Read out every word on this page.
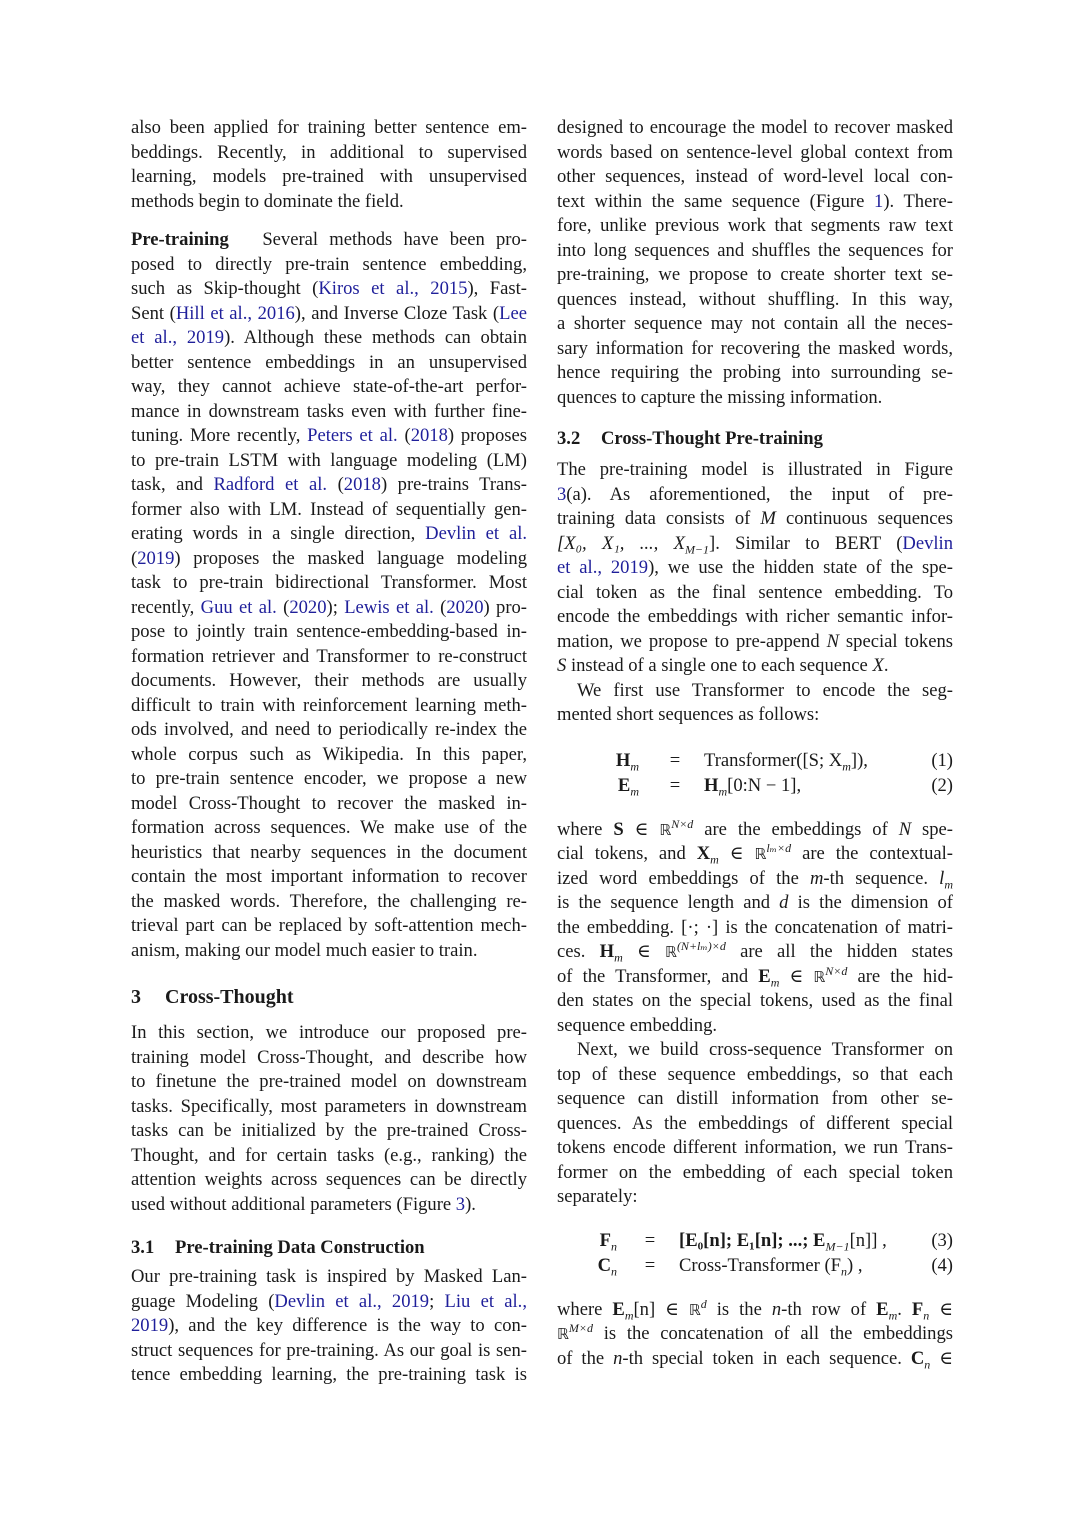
also been applied for training better sentence em-
beddings. Recently, in additional to supervised
learning, models pre-trained with unsupervised
methods begin to dominate the field.
Pre-training Several methods have been pro-
posed to directly pre-train sentence embedding,
such as Skip-thought (Kiros et al., 2015), Fast-
Sent (Hill et al., 2016), and Inverse Cloze Task (Lee
et al., 2019). Although these methods can obtain
better sentence embeddings in an unsupervised
way, they cannot achieve state-of-the-art perfor-
mance in downstream tasks even with further fine-
tuning. More recently, Peters et al. (2018) proposes
to pre-train LSTM with language modeling (LM)
task, and Radford et al. (2018) pre-trains Trans-
former also with LM. Instead of sequentially gen-
erating words in a single direction, Devlin et al.
(2019) proposes the masked language modeling
task to pre-train bidirectional Transformer. Most
recently, Guu et al. (2020); Lewis et al. (2020) pro-
pose to jointly train sentence-embedding-based in-
formation retriever and Transformer to re-construct
documents. However, their methods are usually
difficult to train with reinforcement learning meth-
ods involved, and need to periodically re-index the
whole corpus such as Wikipedia. In this paper,
to pre-train sentence encoder, we propose a new
model Cross-Thought to recover the masked in-
formation across sequences. We make use of the
heuristics that nearby sequences in the document
contain the most important information to recover
the masked words. Therefore, the challenging re-
trieval part can be replaced by soft-attention mech-
anism, making our model much easier to train.
3 Cross-Thought
In this section, we introduce our proposed pre-
training model Cross-Thought, and describe how
to finetune the pre-trained model on downstream
tasks. Specifically, most parameters in downstream
tasks can be initialized by the pre-trained Cross-
Thought, and for certain tasks (e.g., ranking) the
attention weights across sequences can be directly
used without additional parameters (Figure 3).
3.1 Pre-training Data Construction
Our pre-training task is inspired by Masked Lan-
guage Modeling (Devlin et al., 2019; Liu et al.,
2019), and the key difference is the way to con-
struct sequences for pre-training. As our goal is sen-
tence embedding learning, the pre-training task is
designed to encourage the model to recover masked
words based on sentence-level global context from
other sequences, instead of word-level local con-
text within the same sequence (Figure 1). There-
fore, unlike previous work that segments raw text
into long sequences and shuffles the sequences for
pre-training, we propose to create shorter text se-
quences instead, without shuffling. In this way,
a shorter sequence may not contain all the neces-
sary information for recovering the masked words,
hence requiring the probing into surrounding se-
quences to capture the missing information.
3.2 Cross-Thought Pre-training
The pre-training model is illustrated in Figure
3(a). As aforementioned, the input of pre-
training data consists of M continuous sequences
[X₀, X₁, ..., $X_{M-1}$]. Similar to BERT (Devlin
et al., 2019), we use the hidden state of the spe-
cial token as the final sentence embedding. To
encode the embeddings with richer semantic infor-
mation, we propose to pre-append N special tokens
S instead of a single one to each sequence X.
We first use Transformer to encode the seg-
mented short sequences as follows:
$H_m$ = Transformer([S; $X_m$]),	(1)
$E_m$ = $H_m[0:N - 1]$,	(2)
where S ∈ ℝ$^{N\times d}$ are the embeddings of N spe-
cial tokens, and $X_m$ ∈ ℝ$^{l_m\times d}$ are the contextual-
ized word embeddings of the m-th sequence. $l_m$
is the sequence length and d is the dimension of
the embedding. [·; ·] is the concatenation of matri-
ces. $H_m$ ∈ ℝ$^{(N+l_m)\times d}$ are all the hidden states
of the Transformer, and $E_m$ ∈ ℝ$^{N\times d}$ are the hid-
den states on the special tokens, used as the final
sequence embedding.
Next, we build cross-sequence Transformer on
top of these sequence embeddings, so that each
sequence can distill information from other se-
quences. As the embeddings of different special
tokens encode different information, we run Trans-
former on the embedding of each special token
separately:
$F_n = [E_0[n]$; E₁[n]; ...; $E_{M-1}[n]$] , (3)
$C_n$ = Cross-Transformer $(F_n)$ ,	(4)
where $E_m[n]$ ∈ ℝ$^d$ is the n-th row of $E_m$. $F_n$ ∈
ℝ$^{M\times d}$ is the concatenation of all the embeddings
of the n-th special token in each sequence. $C_n$ ∈
